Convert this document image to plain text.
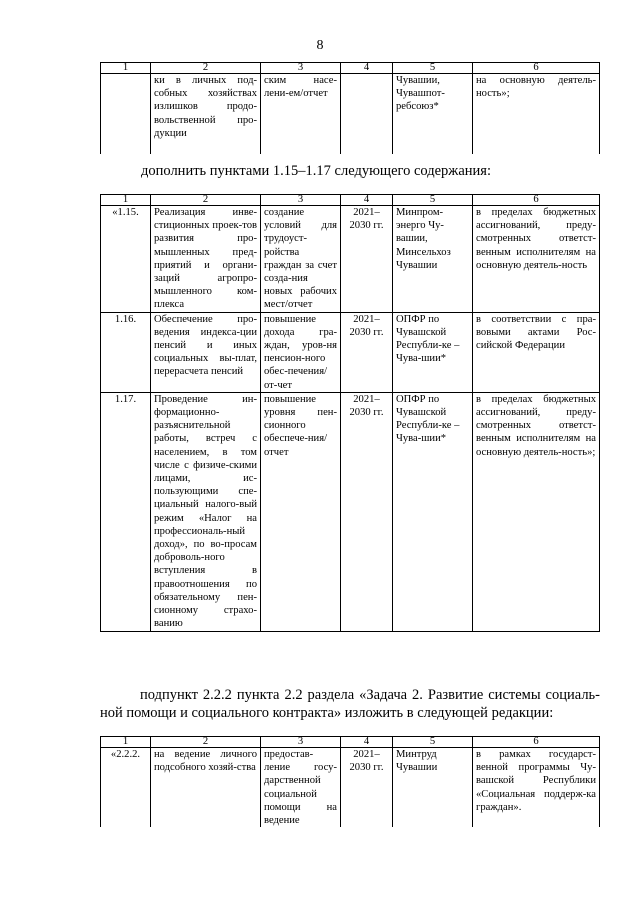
8
1	2	3	4	5	6
	ки в личных под-собных хозяйствах излишков продо-вольственной про-дукции	ским насе-лени-ем/отчет		Чувашии, Чувашпот-ребсоюз*	на основную деятель-ность»;
дополнить пунктами 1.15–1.17 следующего содержания:
1	2	3	4	5	6
«1.15.	Реализация инве-стиционных проек-тов развития про-мышленных пред-приятий и органи-заций агропро-мышленного ком-плекса	создание условий для трудоуст-ройства граждан за счет созда-ния новых рабочих мест/отчет	2021–2030 гг.	Минпром-энерго Чу-вашии, Минсельхоз Чувашии	в пределах бюджетных ассигнований, преду-смотренных ответст-венным исполнителям на основную деятель-ность
1.16.	Обеспечение про-ведения индекса-ции пенсий и иных социальных вы-плат, перерасчета пенсий	повышение дохода гра-ждан, уров-ня пенсион-ного обес-печения/от-чет	2021–2030 гг.	ОПФР по Чувашской Республи-ке – Чува-шии*	в соответствии с пра-вовыми актами Рос-сийской Федерации
1.17.	Проведение ин-формационно-разъяснительной работы, встреч с населением, в том числе с физиче-скими лицами, ис-пользующими спе-циальный налого-вый режим «Налог на профессиональ-ный доход», по во-просам доброволь-ного вступления в правоотношения по обязательному пен-сионному страхо-ванию	повышение уровня пен-сионного обеспече-ния/отчет	2021–2030 гг.	ОПФР по Чувашской Республи-ке – Чува-шии*	в пределах бюджетных ассигнований, преду-смотренных ответст-венным исполнителям на основную деятель-ность»;
подпункт 2.2.2 пункта 2.2 раздела «Задача 2. Развитие системы социаль-ной помощи и социального контракта» изложить в следующей редакции:
1	2	3	4	5	6
«2.2.2.	на ведение личного подсобного хозяй-ства	предостав-ление госу-дарственной социальной помощи на ведение	2021–2030 гг.	Минтруд Чувашии	в рамках государст-венной программы Чу-вашской Республики «Социальная поддерж-ка граждан».
